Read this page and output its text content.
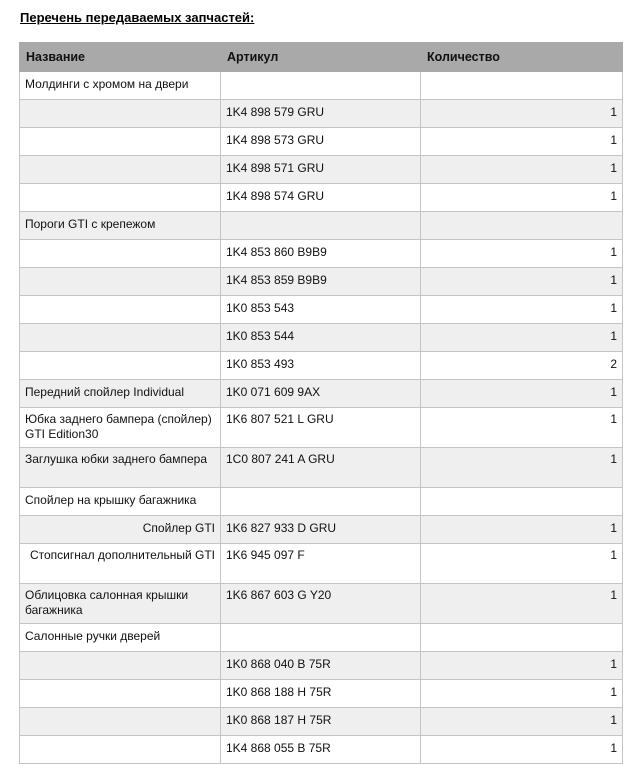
Перечень передаваемых запчастей:
Название	Артикул	Количество
Молдинги с хромом на двери		
	1K4 898 579 GRU	1
	1K4 898 573 GRU	1
	1K4 898 571 GRU	1
	1K4 898 574 GRU	1
Пороги GTI с крепежом		
	1K4 853 860 B9B9	1
	1K4 853 859 B9B9	1
	1K0 853 543	1
	1K0 853 544	1
	1K0 853 493	2
Передний спойлер Individual	1K0 071 609 9AX	1
Юбка заднего бампера (спойлер) GTI Edition30	1K6 807 521 L GRU	1
Заглушка юбки заднего бампера	1C0 807 241 A GRU	1
Спойлер на крышку багажника		
Спойлер GTI	1K6 827 933 D GRU	1
Стопсигнал дополнительный GTI	1K6 945 097 F	1
Облицовка салонная крышки багажника	1K6 867 603 G Y20	1
Салонные ручки дверей		
	1K0 868 040 B 75R	1
	1K0 868 188 H 75R	1
	1K0 868 187 H 75R	1
	1K4 868 055 B 75R	1
